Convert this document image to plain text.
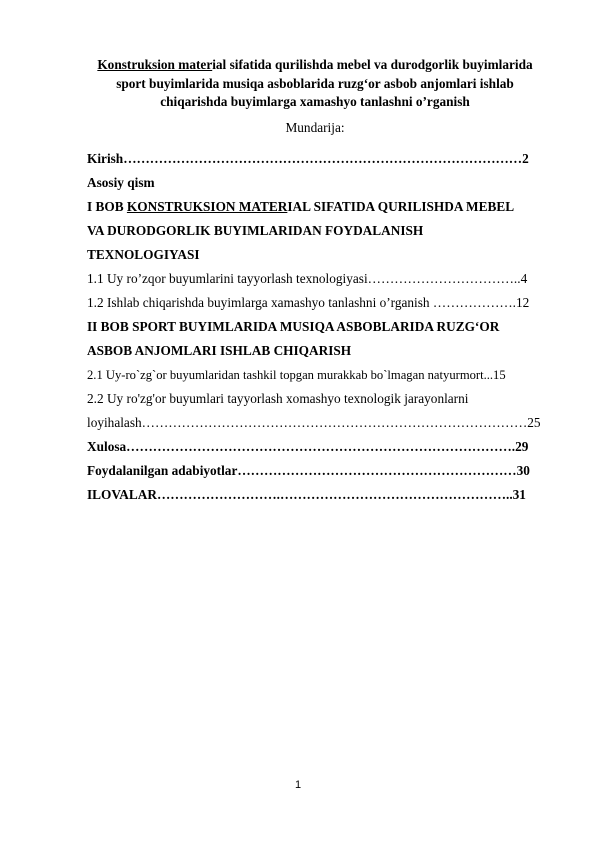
Konstruksion material sifatida qurilishda mebel va durodgorlik buyimlarida
sport buyimlarida musiqa asboblarida ruzg‘or asbob anjomlari ishlab
chiqarishda buyimlarga xamashyo tanlashni o’rganish
Mundarija:
Kirish………………………………………………………………………………2
Asosiy qism
I BOB KONSTRUKSION MATERIAL SIFATIDA QURILISHDA MEBEL
VA DURODGORLIK BUYIMLARIDAN FOYDALANISH
TEXNOLOGIYASI
1.1 Uy ro’zqor buyumlarini tayyorlash texnologiyasi……………………………..4
1.2 Ishlab chiqarishda buyimlarga xamashyo tanlashni o’rganish ……………….12
II BOB SPORT BUYIMLARIDA MUSIQA ASBOBLARIDA RUZG‘OR
ASBOB ANJOMLARI ISHLAB CHIQARISH
2.1 Uy-ro`zg`or buyumlaridan tashkil topgan murakkab bo`lmagan natyurmort...15
2.2 Uy ro'zg'or buyumlari tayyorlash xomashyo texnologik jarayonlarni
loyihalash……………………………………………………………………………25
Xulosa…………………………………………………………………………….29
Foydalanilgan adabiyotlar………………………………………………………30
ILOVALAR……………………….……………………………………………..31
1
